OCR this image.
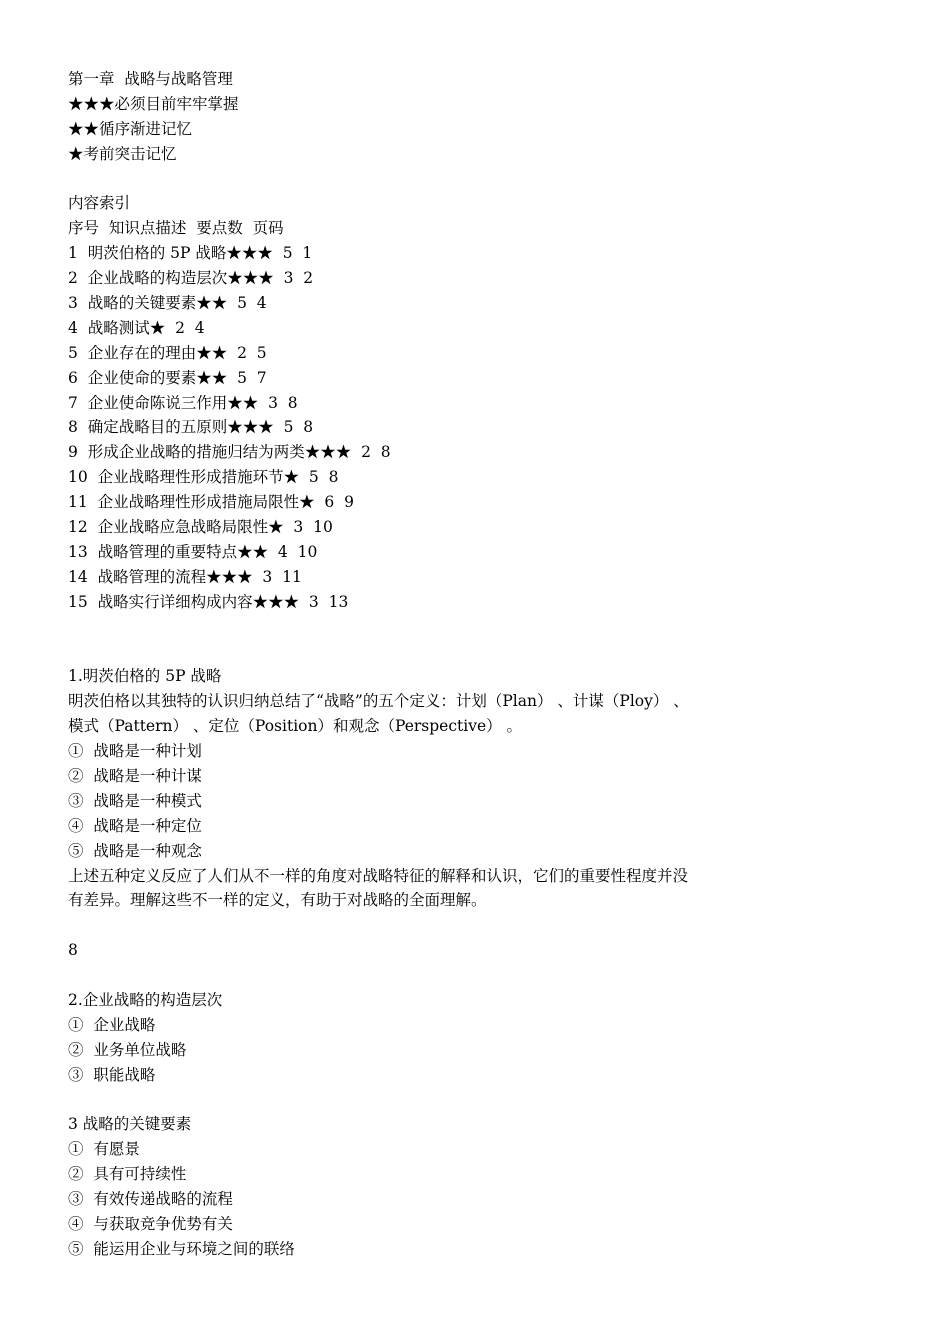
第一章  战略与战略管理
★★★必须目前牢牢掌握
★★循序渐进记忆
★考前突击记忆
内容索引
序号  知识点描述  要点数  页码
1  明茨伯格的 5P 战略★★★  5  1
2  企业战略的构造层次★★★  3  2
3  战略的关键要素★★  5  4
4  战略测试★  2  4
5  企业存在的理由★★  2  5
6  企业使命的要素★★  5  7
7  企业使命陈说三作用★★  3  8
8  确定战略目的五原则★★★  5  8
9  形成企业战略的措施归结为两类★★★  2  8
10  企业战略理性形成措施环节★  5  8
11  企业战略理性形成措施局限性★  6  9
12  企业战略应急战略局限性★  3  10
13  战略管理的重要特点★★  4  10
14  战略管理的流程★★★  3  11
15  战略实行详细构成内容★★★  3  13
1.明茨伯格的 5P 战略
明茨伯格以其独特的认识归纳总结了“战略”的五个定义：计划（Plan） 、计谋（Ploy） 、
模式（Pattern） 、定位（Position）和观念（Perspective） 。
①  战略是一种计划
②  战略是一种计谋
③  战略是一种模式
④  战略是一种定位
⑤  战略是一种观念
上述五种定义反应了人们从不一样的角度对战略特征的解释和认识，它们的重要性程度并没
有差异。理解这些不一样的定义，有助于对战略的全面理解。
8
2.企业战略的构造层次
①  企业战略
②  业务单位战略
③  职能战略
3 战略的关键要素
①  有愿景
②  具有可持续性
③  有效传递战略的流程
④  与获取竞争优势有关
⑤  能运用企业与环境之间的联络
